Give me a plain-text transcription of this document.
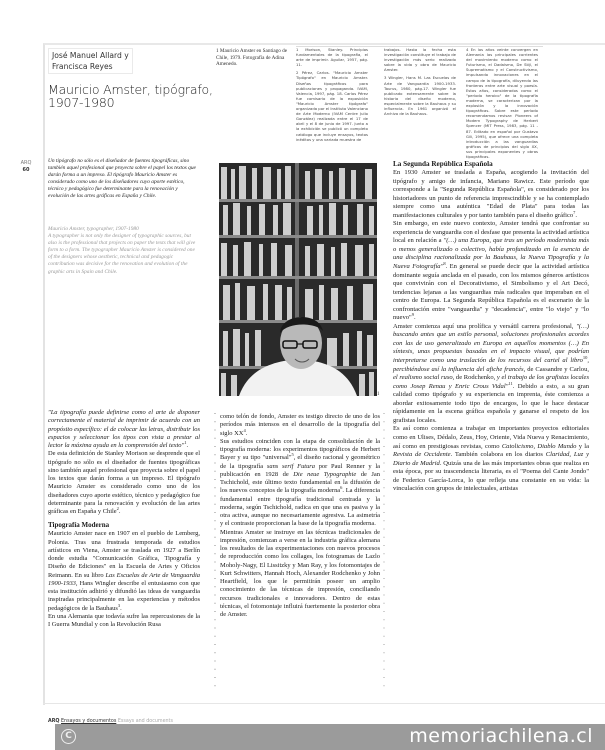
José Manuel Allard y
Francisca Reyes
Mauricio Amster, tipógrafo,
1907-1980
1 Mauricio Amster en Santiago de Chile, 1979. Fotografía de Adina Amenedo.

1 Morison, Stanley. Principios fundamentales de la tipografía, el arte de imprimir. Aguilar, 1957, pág. 11.

2 Pérez, Carlos. "Mauricio Amster Tipógrafo" en Mauricio Amster. Diseños tipográficos para publicaciones y propaganda. IVAM, Valencia, 1997, pág. 18. Carlos Pérez fue comisario de la exposición "Mauricio Amster tipógrafo" organizada por el Instituto Valenciano de Arte Moderno (IVAM Centre Julio González) realizada entre el 17 de abril y el 8 de junio de 1997. Junto a la exhibición se publicó un completo catálogo que incluye ensayos, textos inéditos y una variada muestra de

trabajos. Hasta la fecha esta investigación constituye el trabajo de investigación más serio realizado sobre la vida y obra de Mauricio Amster.

3 Wingler, Hans M. Las Escuelas de Arte de Vanguardia 1900-1933. Taurus, 1980, pág.17. Wingler fue publicado extensamente sobre la historia del diseño moderno, especialmente sobre la Bauhaus y su influencia. En 1961 organizó el Archivo de la Bauhaus.

4 En los años veinte convergen en Alemania las principales corrientes del movimiento moderno como el Futurismo, el Dadaísmo, De Stijl, el Suprematismo y el Constructivismo, impulsando innovaciones en el campo de la tipografía, diluyendo las fronteras entre arte visual y poesía. Estos años, considerados como el "período heroico" de la tipografía moderna, se caracterizan por la explosión y la innovación tipográficas. Sobre este período recomendamos revisar: Pioneers of Modern Typography de Herbert Spencer (MIT Press, 1983, pág. 11 - 87. Editado en español por Gustavo Gili, 1995), que ofrece una completa introducción a las vanguardias gráficas de principios del siglo XX, sus principales exponentes y obras tipográficas.

ARQ
60
Un tipógrafo no sólo es el diseñador de fuentes tipográficas, sino también aquel profesional que proyecta sobre el papel los textos que darán forma a un impreso. El tipógrafo Mauricio Amster es considerado como uno de los diseñadores cuyo aporte estético, técnico y pedagógico fue determinante para la renovación y evolución de las artes gráficas en España y Chile.
Mauricio Amster, typographer, 1907-1980
A typographer is not only the designer of typographic sources, but also is the professional that projects on paper the texts that will give form to a form. The typographer Mauricio Amster is considered one of the designers whose aesthetic, technical and pedagogic contribution was decisive for the renovation and evolution of the graphic arts in Spain and Chile.
1

"La tipografía puede definirse como el arte de disponer correctamente el material de imprimir de acuerdo con un propósito específico: el de colocar las letras, distribuir los espacios y seleccionar los tipos con vista a prestar al lector la máxima ayuda en la comprensión del texto"$^1$.

De esta definición de Stanley Morison se desprende que el tipógrafo no sólo es el diseñador de fuentes tipográficas sino también aquel profesional que proyecta sobre el papel los textos que darán forma a un impreso. El tipógrafo Mauricio Amster es considerado como uno de los diseñadores cuyo aporte estético, técnico y pedagógico fue determinante para la renovación y evolución de las artes gráficas en España y Chile$^2$.

Tipografía Moderna

Mauricio Amster nace en 1907 en el pueblo de Lemberg, Polonia. Tras una frustrada temporada de estudios artísticos en Viena, Amster se traslada en 1927 a Berlín donde estudia "Comunicación Gráfica, Tipografía y Diseño de Ediciones" en la Escuela de Artes y Oficios Reimann. En su libro Las Escuelas de Arte de Vanguardia 1900-1933, Hans Wingler describe el entusiasmo con que esta institución adhirió y difundió las ideas de vanguardia inspiradas principalmente en las experiencias y métodos pedagógicos de la Bauhaus$^3$.

En una Alemania que todavía sufre las repercusiones de la I Guerra Mundial y con la Revolución Rusa

como telón de fondo, Amster es testigo directo de uno de los períodos más intensos en el desarrollo de la tipografía del siglo $XX^4$.

Sus estudios coinciden con la etapa de consolidación de la tipografía moderna: los experimentos tipográficos de Herbert Bayer y su tipo "universal"$^5$, el diseño racional y geométrico de la tipografía sans serif Futura por Paul Renner y la publicación en 1928 de Die neue Typographie de Jan Tschichold, este último texto fundamental en la difusión de los nuevos conceptos de la tipografía moderna$^6$. La diferencia fundamental entre tipografía tradicional centrada y la moderna, según Tschichold, radica en que una es pasiva y la otra activa, aunque no necesariamente agresiva. La asimetría y el contraste proporcionan la base de la tipografía moderna.

Mientras Amster se instruye en las técnicas tradicionales de impresión, comienzan a verse en la industria gráfica alemana los resultados de las experimentaciones con nuevos procesos de reproducción como los collages, los fotogramas de Lazlo Moholy-Nagy, El Lissitzky y Man Ray, y los fotomontajes de Kurt Schwitters, Hannah Hoch, Alexander Rodchenko y John Heartfield, los que le permitirán poseer un amplio conocimiento de las técnicas de impresión, conciliando recursos tradicionales e innovadores. Dentro de estas técnicas, el fotomontaje influirá fuertemente la posterior obra de Amster.

La Segunda República Española

En 1930 Amster se traslada a España, acogiendo la invitación del tipógrafo y amigo de infancia, Mariano Rawicz. Este período que corresponde a la "Segunda República Española", es considerado por los historiadores un punto de referencia imprescindible y se ha contemplado siempre como una auténtica "Edad de Plata" para todas las manifestaciones culturales y por tanto también para el diseño gráfico$^7$.

Sin embargo, en este nuevo contexto, Amster tendrá que confrontar su experiencia de vanguardia con el desfase que presenta la actividad artística local en relación a "(…) una Europa, que tras un período modernista más o menos generalizado o colectivo, había profundizado en la esencia de una disciplina racionalizada por la Bauhaus, la Nueva Tipografía y la Nueva Fotografía"$^8$. En general se puede decir que la actividad artística dominante seguía anclada en el pasado, con los mismos géneros artísticos que convivirán con el Decorativismo, el Simbolismo y el Art Decó, tendencias lejanas a las vanguardias más radicales que imperaban en el centro de Europa. La Segunda República Española es el escenario de la confrontación entre "vanguardia" y "decadencia", entre "lo viejo" y "lo nuevo"$^9$.

Amster comienza aquí una prolífica y versátil carrera profesional, "(…) buscando antes que un estilo personal, soluciones profesionales acordes con las de uso generalizado en Europa en aquellos momentos (…) En síntesis, unas propuestas basadas en el impacto visual, que podrían interpretarse como una traslación de los recursos del cartel al libro$^{10}$, percibiéndose así la influencia del afiche francés, de Cassandre y Carlou, el realismo social ruso, de Rodchenko, y el trabajo de los grafistas locales como Josep Renau y Enric Crous Vidal"$^{11}$. Debido a esto, a su gran calidad como tipógrafo y su experiencia en imprenta, éste comienza a abordar exitosamente todo tipo de encargos, lo que le hace destacar rápidamente en la escena gráfica española y ganarse el respeto de los grafistas locales.

Es así como comienza a trabajar en importantes proyectos editoriales como en Ulises, Dédalo, Zeus, Hoy, Oriente, Vida Nueva y Renacimiento, así como en prestigiosas revistas, como Catolicismo, Diablo Mundo y la Revista de Occidente. También colabora en los diarios Claridad, Luz y Diario de Madrid. Quizás una de las más importantes obras que realiza en esta época, por su trascendencia literaria, es el "Poema del Cante Jondo" de Federico García-Lorca, lo que refleja una constante en su vida: la vinculación con grupos de intelectuales, artistas

ARQ Ensayos y documentos Essays and documents
C	memoriachilena.cl
